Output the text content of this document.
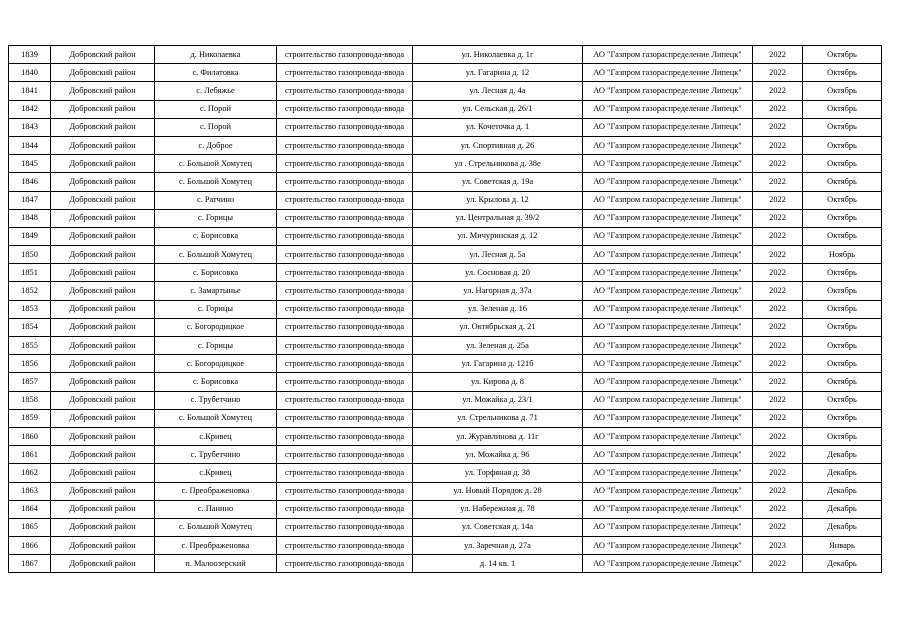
1839	Добровский район	д. Николаевка	строительство газопровода-ввода	ул. Николаевка д. 1г	АО "Газпром газораспределение Липецк"	2022	Октябрь
1840	Добровский район	с. Филатовка	строительство газопровода-ввода	ул. Гагарина д. 12	АО "Газпром газораспределение Липецк"	2022	Октябрь
1841	Добровский район	с. Лебяжье	строительство газопровода-ввода	ул. Лесная д. 4а	АО "Газпром газораспределение Липецк"	2022	Октябрь
1842	Добровский район	с. Порой	строительство газопровода-ввода	ул. Сельская д. 26/1	АО "Газпром газораспределение Липецк"	2022	Октябрь
1843	Добровский район	с. Порой	строительство газопровода-ввода	ул. Кочеточка д. 1	АО "Газпром газораспределение Липецк"	2022	Октябрь
1844	Добровский район	с. Доброе	строительство газопровода-ввода	ул. Спортивная д. 26	АО "Газпром газораспределение Липецк"	2022	Октябрь
1845	Добровский район	с. Большой Хомутец	строительство газопровода-ввода	ул . Стрельникова д. 38е	АО "Газпром газораспределение Липецк"	2022	Октябрь
1846	Добровский район	с. Большой Хомутец	строительство газопровода-ввода	ул. Советская д. 19а	АО "Газпром газораспределение Липецк"	2022	Октябрь
1847	Добровский район	с. Ратчино	строительство газопровода-ввода	ул. Крылова д. 12	АО "Газпром газораспределение Липецк"	2022	Октябрь
1848	Добровский район	с. Горицы	строительство газопровода-ввода	ул. Центральная д. 39/2	АО "Газпром газораспределение Липецк"	2022	Октябрь
1849	Добровский район	с. Борисовка	строительство газопровода-ввода	ул. Мичуринская д. 12	АО "Газпром газораспределение Липецк"	2022	Октябрь
1850	Добровский район	с. Большой Хомутец	строительство газопровода-ввода	ул. Лесная д. 5а	АО "Газпром газораспределение Липецк"	2022	Ноябрь
1851	Добровский район	с. Борисовка	строительство газопровода-ввода	ул. Сосновая д. 20	АО "Газпром газораспределение Липецк"	2022	Октябрь
1852	Добровский район	с. Замартынье	строительство газопровода-ввода	ул. Нагорная д. 37а	АО "Газпром газораспределение Липецк"	2022	Октябрь
1853	Добровский район	с. Горицы	строительство газопровода-ввода	ул. Зеленая д. 16	АО "Газпром газораспределение Липецк"	2022	Октябрь
1854	Добровский район	с. Богородицкое	строительство газопровода-ввода	ул. Октябрьская д. 21	АО "Газпром газораспределение Липецк"	2022	Октябрь
1855	Добровский район	с. Горицы	строительство газопровода-ввода	ул. Зеленая д. 25а	АО "Газпром газораспределение Липецк"	2022	Октябрь
1856	Добровский район	с. Богородицкое	строительство газопровода-ввода	ул. Гагарина д. 121б	АО "Газпром газораспределение Липецк"	2022	Октябрь
1857	Добровский район	с. Борисовка	строительство газопровода-ввода	ул. Кирова д. 8	АО "Газпром газораспределение Липецк"	2022	Октябрь
1858	Добровский район	с. Трубетчино	строительство газопровода-ввода	ул. Можайка д. 23/1	АО "Газпром газораспределение Липецк"	2022	Октябрь
1859	Добровский район	с. Большой Хомутец	строительство газопровода-ввода	ул. Стрельникова д. 71	АО "Газпром газораспределение Липецк"	2022	Октябрь
1860	Добровский район	с.Кривец	строительство газопровода-ввода	ул. Журавлинова д. 11г	АО "Газпром газораспределение Липецк"	2022	Октябрь
1861	Добровский район	с. Трубетчино	строительство газопровода-ввода	ул. Можайка д. 96	АО "Газпром газораспределение Липецк"	2022	Декабрь
1862	Добровский район	с.Кривец	строительство газопровода-ввода	ул. Торфяная д. 38	АО "Газпром газораспределение Липецк"	2022	Декабрь
1863	Добровский район	с. Преображеновка	строительство газопровода-ввода	ул. Новый Порядок д. 28	АО "Газпром газораспределение Липецк"	2022	Декабрь
1864	Добровский район	с. Панино	строительство газопровода-ввода	ул. Набережная д. 78	АО "Газпром газораспределение Липецк"	2022	Декабрь
1865	Добровский район	с. Большой Хомутец	строительство газопровода-ввода	ул. Советская д. 14а	АО "Газпром газораспределение Липецк"	2022	Декабрь
1866	Добровский район	с. Преображеновка	строительство газопровода-ввода	ул. Заречная д. 27а	АО "Газпром газораспределение Липецк"	2023	Январь
1867	Добровский район	п. Малоозерский	строительство газопровода-ввода	д. 14 кв. 1	АО "Газпром газораспределение Липецк"	2022	Декабрь
